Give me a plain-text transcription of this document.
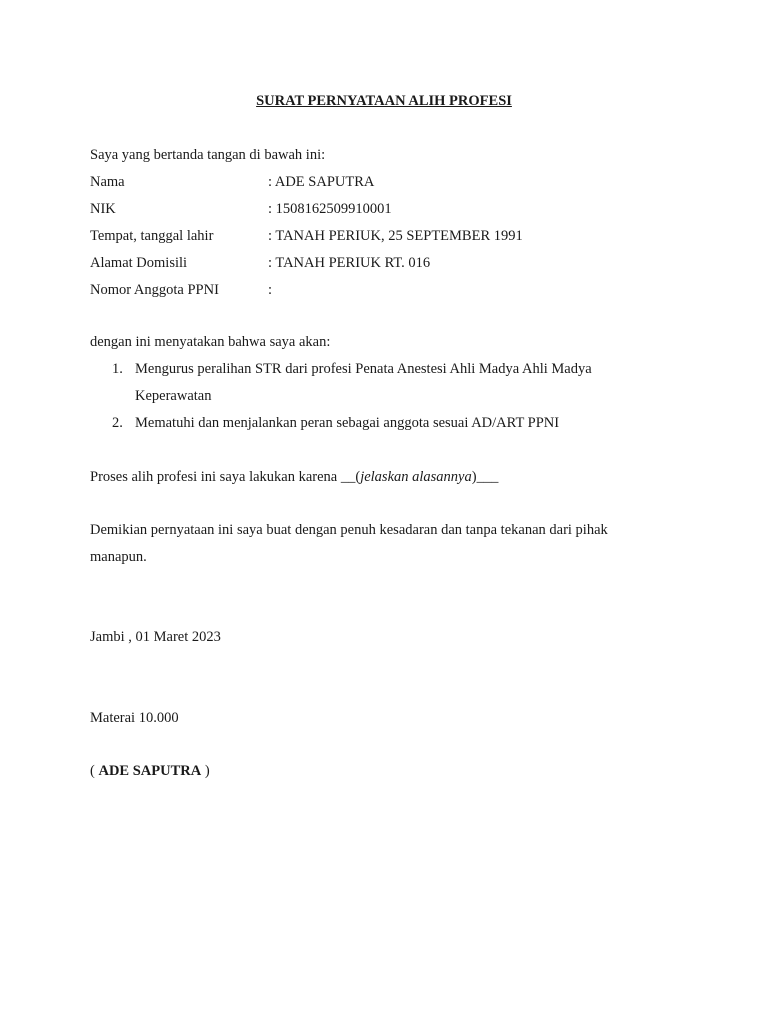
SURAT PERNYATAAN ALIH PROFESI
Saya yang bertanda tangan di bawah ini:
Nama	: ADE SAPUTRA
NIK	: 1508162509910001
Tempat, tanggal lahir	: TANAH PERIUK, 25 SEPTEMBER 1991
Alamat Domisili	: TANAH PERIUK RT. 016
Nomor Anggota PPNI	:
dengan ini menyatakan bahwa saya akan:
1. Mengurus peralihan STR dari profesi Penata Anestesi Ahli Madya Ahli Madya
Keperawatan
2. Mematuhi dan menjalankan peran sebagai anggota sesuai AD/ART PPNI
Proses alih profesi ini saya lakukan karena __(jelaskan alasannya)___
Demikian pernyataan ini saya buat dengan penuh kesadaran dan tanpa tekanan dari pihak
manapun.
Jambi , 01 Maret 2023
Materai 10.000
( ADE SAPUTRA )
